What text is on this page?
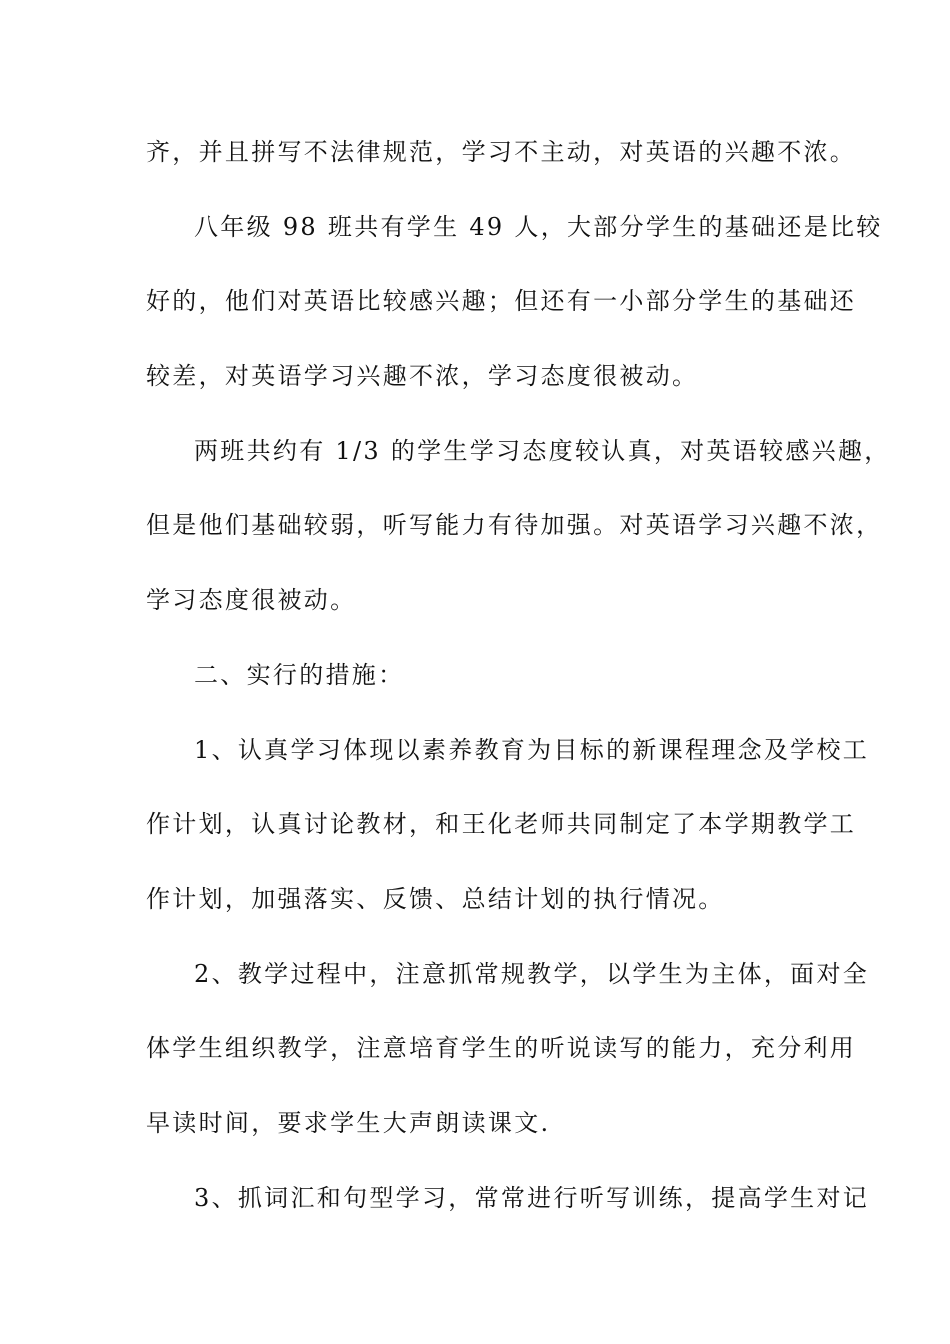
齐，并且拼写不法律规范，学习不主动，对英语的兴趣不浓。
八年级 98 班共有学生 49 人，大部分学生的基础还是比较
好的，他们对英语比较感兴趣；但还有一小部分学生的基础还
较差，对英语学习兴趣不浓，学习态度很被动。
两班共约有 1/3 的学生学习态度较认真，对英语较感兴趣，
但是他们基础较弱，听写能力有待加强。对英语学习兴趣不浓，
学习态度很被动。
二、实行的措施：
1、认真学习体现以素养教育为目标的新课程理念及学校工
作计划，认真讨论教材，和王化老师共同制定了本学期教学工
作计划，加强落实、反馈、总结计划的执行情况。
2、教学过程中，注意抓常规教学，以学生为主体，面对全
体学生组织教学，注意培育学生的听说读写的能力，充分利用
早读时间，要求学生大声朗读课文.
3、抓词汇和句型学习，常常进行听写训练，提高学生对记
